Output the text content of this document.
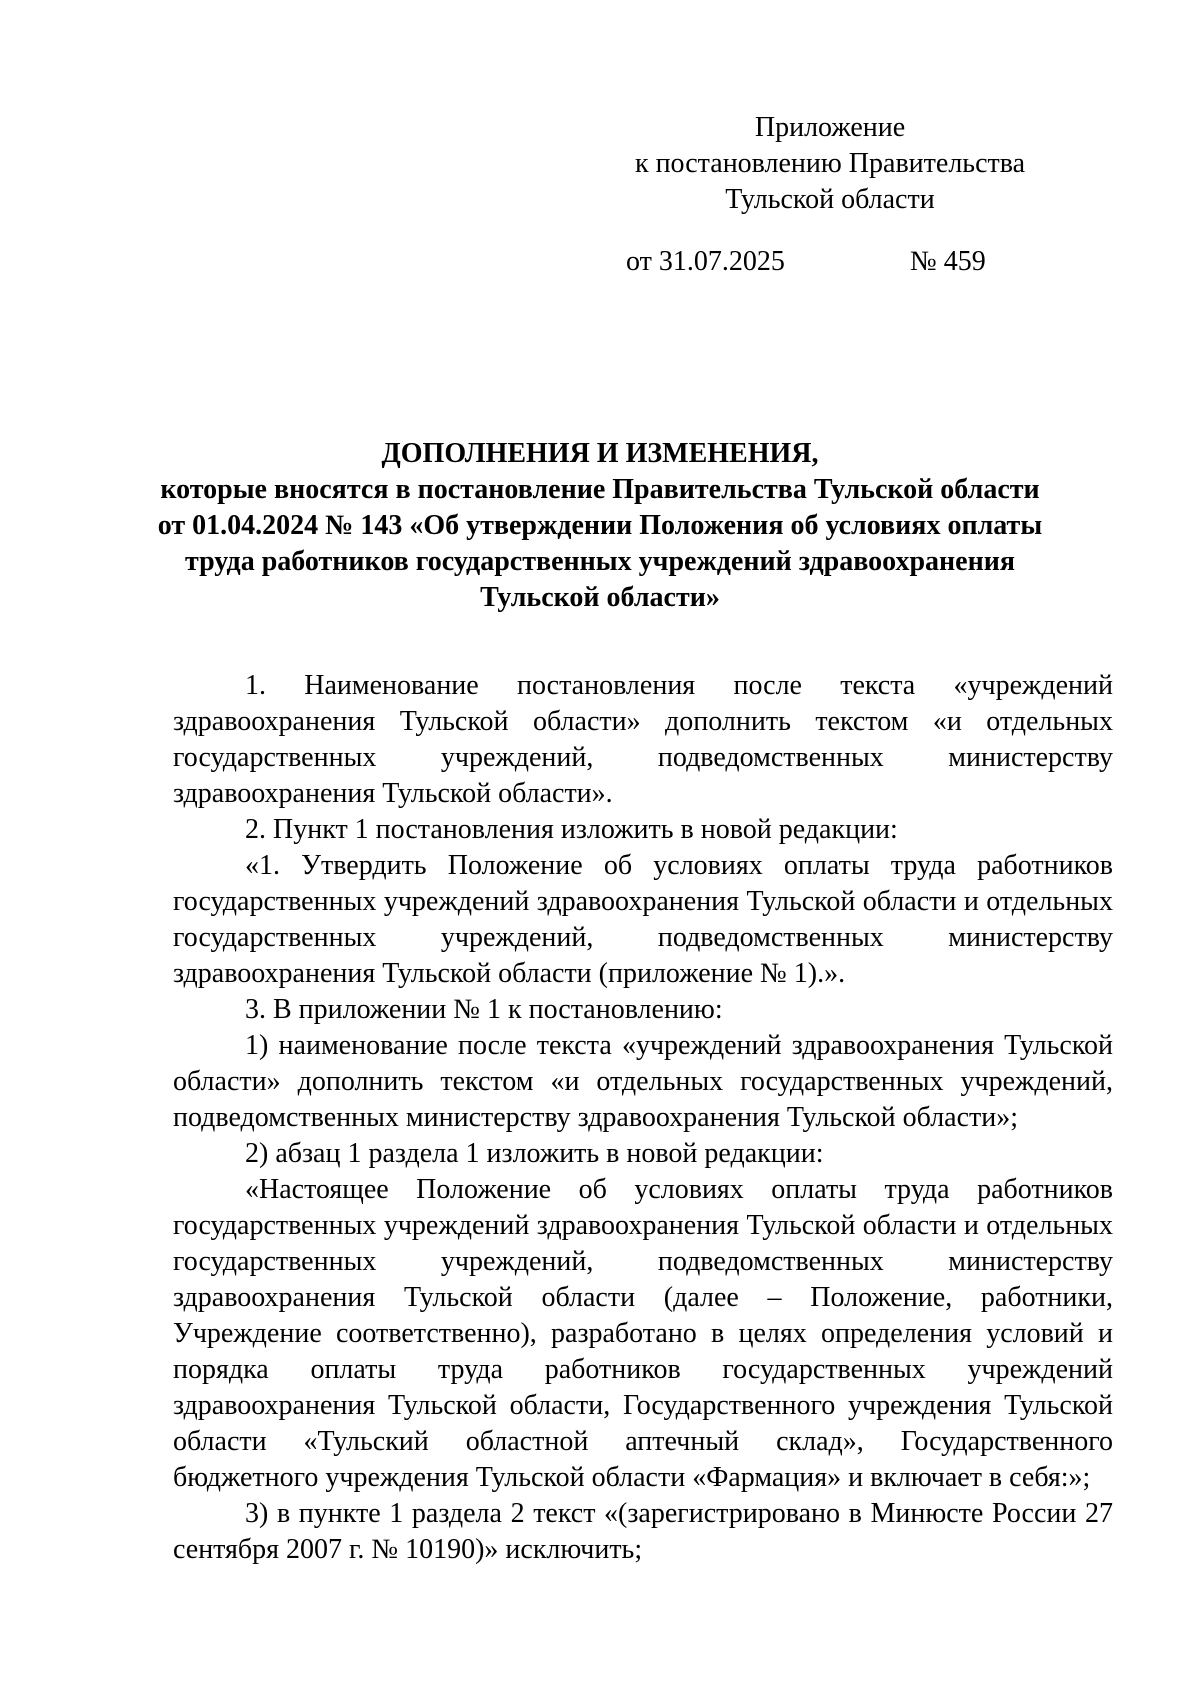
Приложение
к постановлению Правительства
Тульской области
от 31.07.2025	№ 459
ДОПОЛНЕНИЯ И ИЗМЕНЕНИЯ,
которые вносятся в постановление Правительства Тульской области
от 01.04.2024 № 143 «Об утверждении Положения об условиях оплаты
труда работников государственных учреждений здравоохранения
Тульской области»

1. Наименование постановления после текста «учреждений здравоохранения Тульской области» дополнить текстом «и отдельных государственных учреждений, подведомственных министерству здравоохранения Тульской области».

2. Пункт 1 постановления изложить в новой редакции:

«1. Утвердить Положение об условиях оплаты труда работников государственных учреждений здравоохранения Тульской области и отдельных государственных учреждений, подведомственных министерству здравоохранения Тульской области (приложение № 1).».

3. В приложении № 1 к постановлению:

1) наименование после текста «учреждений здравоохранения Тульской области» дополнить текстом «и отдельных государственных учреждений, подведомственных министерству здравоохранения Тульской области»;

2) абзац 1 раздела 1 изложить в новой редакции:

«Настоящее Положение об условиях оплаты труда работников государственных учреждений здравоохранения Тульской области и отдельных государственных учреждений, подведомственных министерству здравоохранения Тульской области (далее – Положение, работники, Учреждение соответственно), разработано в целях определения условий и порядка оплаты труда работников государственных учреждений здравоохранения Тульской области, Государственного учреждения Тульской области «Тульский областной аптечный склад», Государственного бюджетного учреждения Тульской области «Фармация» и включает в себя:»;

3) в пункте 1 раздела 2 текст «(зарегистрировано в Минюсте России 27 сентября 2007 г. № 10190)» исключить;
